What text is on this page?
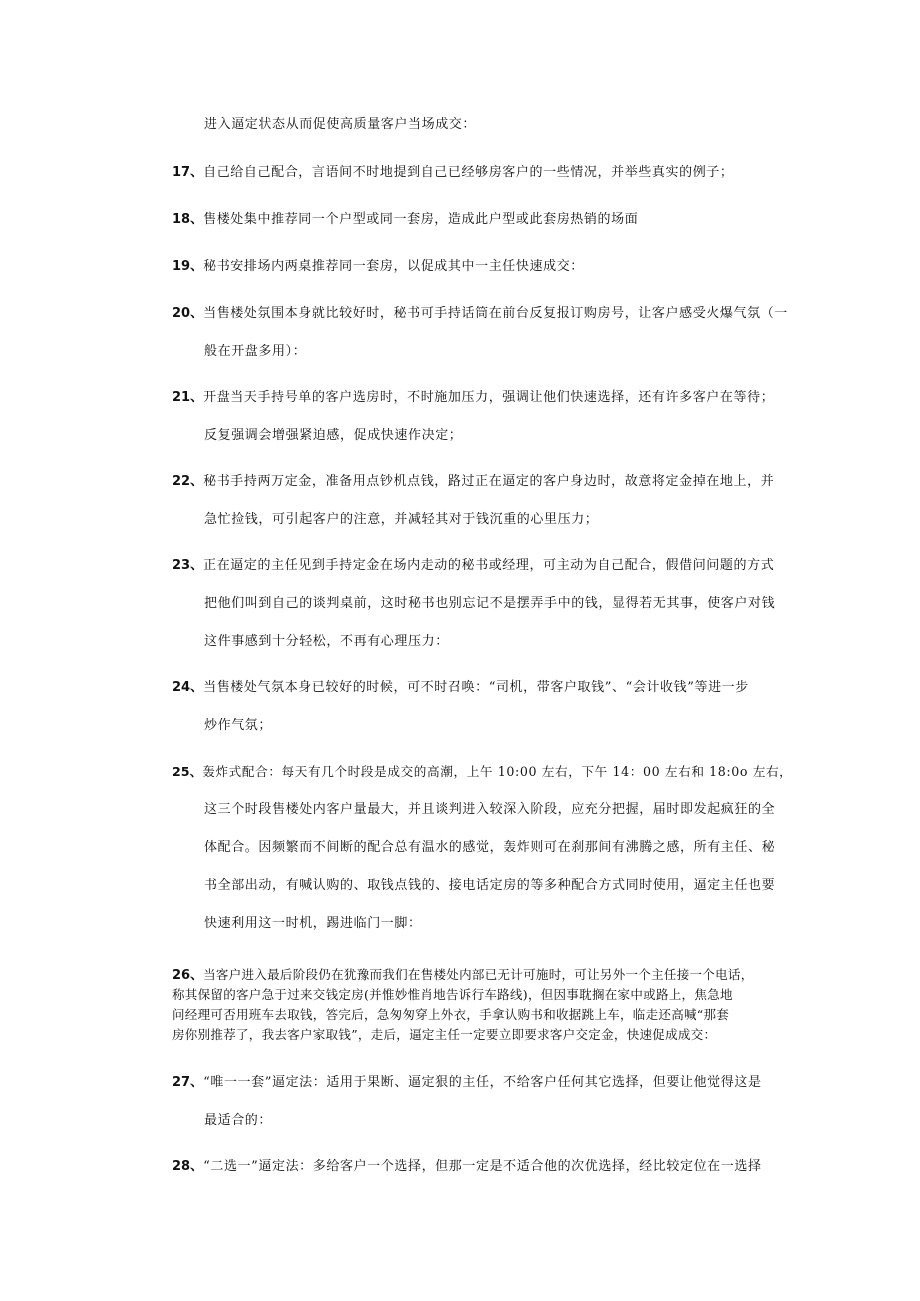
进入逼定状态从而促使高质量客户当场成交：
17、自己给自己配合，言语间不时地提到自己已经够房客户的一些情况，并举些真实的例子；
18、售楼处集中推荐同一个户型或同一套房，造成此户型或此套房热销的场面
19、秘书安排场内两桌推荐同一套房，以促成其中一主任快速成交：
20、当售楼处氛围本身就比较好时，秘书可手持话筒在前台反复报订购房号，让客户感受火爆气氛（一
般在开盘多用）：
21、开盘当天手持号单的客户选房时，不时施加压力，强调让他们快速选择，还有许多客户在等待；
反复强调会增强紧迫感，促成快速作决定；
22、秘书手持两万定金，准备用点钞机点钱，路过正在逼定的客户身边时，故意将定金掉在地上，并
急忙捡钱，可引起客户的注意，并减轻其对于钱沉重的心里压力；
23、正在逼定的主任见到手持定金在场内走动的秘书或经理，可主动为自己配合，假借问问题的方式
把他们叫到自己的谈判桌前，这时秘书也别忘记不是摆弄手中的钱，显得若无其事，使客户对钱
这件事感到十分轻松，不再有心理压力：
24、当售楼处气氛本身已较好的时候，可不时召唤：“司机，带客户取钱”、“会计收钱”等进一步
炒作气氛；
25、轰炸式配合：每天有几个时段是成交的高潮，上午 10:00 左右，下午 14：00 左右和 18:0o 左右，
这三个时段售楼处内客户量最大，并且谈判进入较深入阶段，应充分把握，届时即发起疯狂的全
体配合。因频繁而不间断的配合总有温水的感觉，轰炸则可在刹那间有沸腾之感，所有主任、秘
书全部出动，有喊认购的、取钱点钱的、接电话定房的等多种配合方式同时使用，逼定主任也要
快速利用这一时机，踢进临门一脚：
26、当客户进入最后阶段仍在犹豫而我们在售楼处内部已无计可施时，可让另外一个主任接一个电话，
称其保留的客户急于过来交钱定房(并惟妙惟肖地告诉行车路线)，但因事耽搁在家中或路上，焦急地
问经理可否用班车去取钱，答完后，急匆匆穿上外衣，手拿认购书和收据跳上车，临走还高喊“那套
房你别推荐了，我去客户家取钱”，走后，逼定主任一定要立即要求客户交定金，快速促成成交：
27、“唯一一套”逼定法：适用于果断、逼定狠的主任，不给客户任何其它选择，但要让他觉得这是
最适合的：
28、“二选一”逼定法：多给客户一个选择，但那一定是不适合他的次优选择，经比较定位在一选择
